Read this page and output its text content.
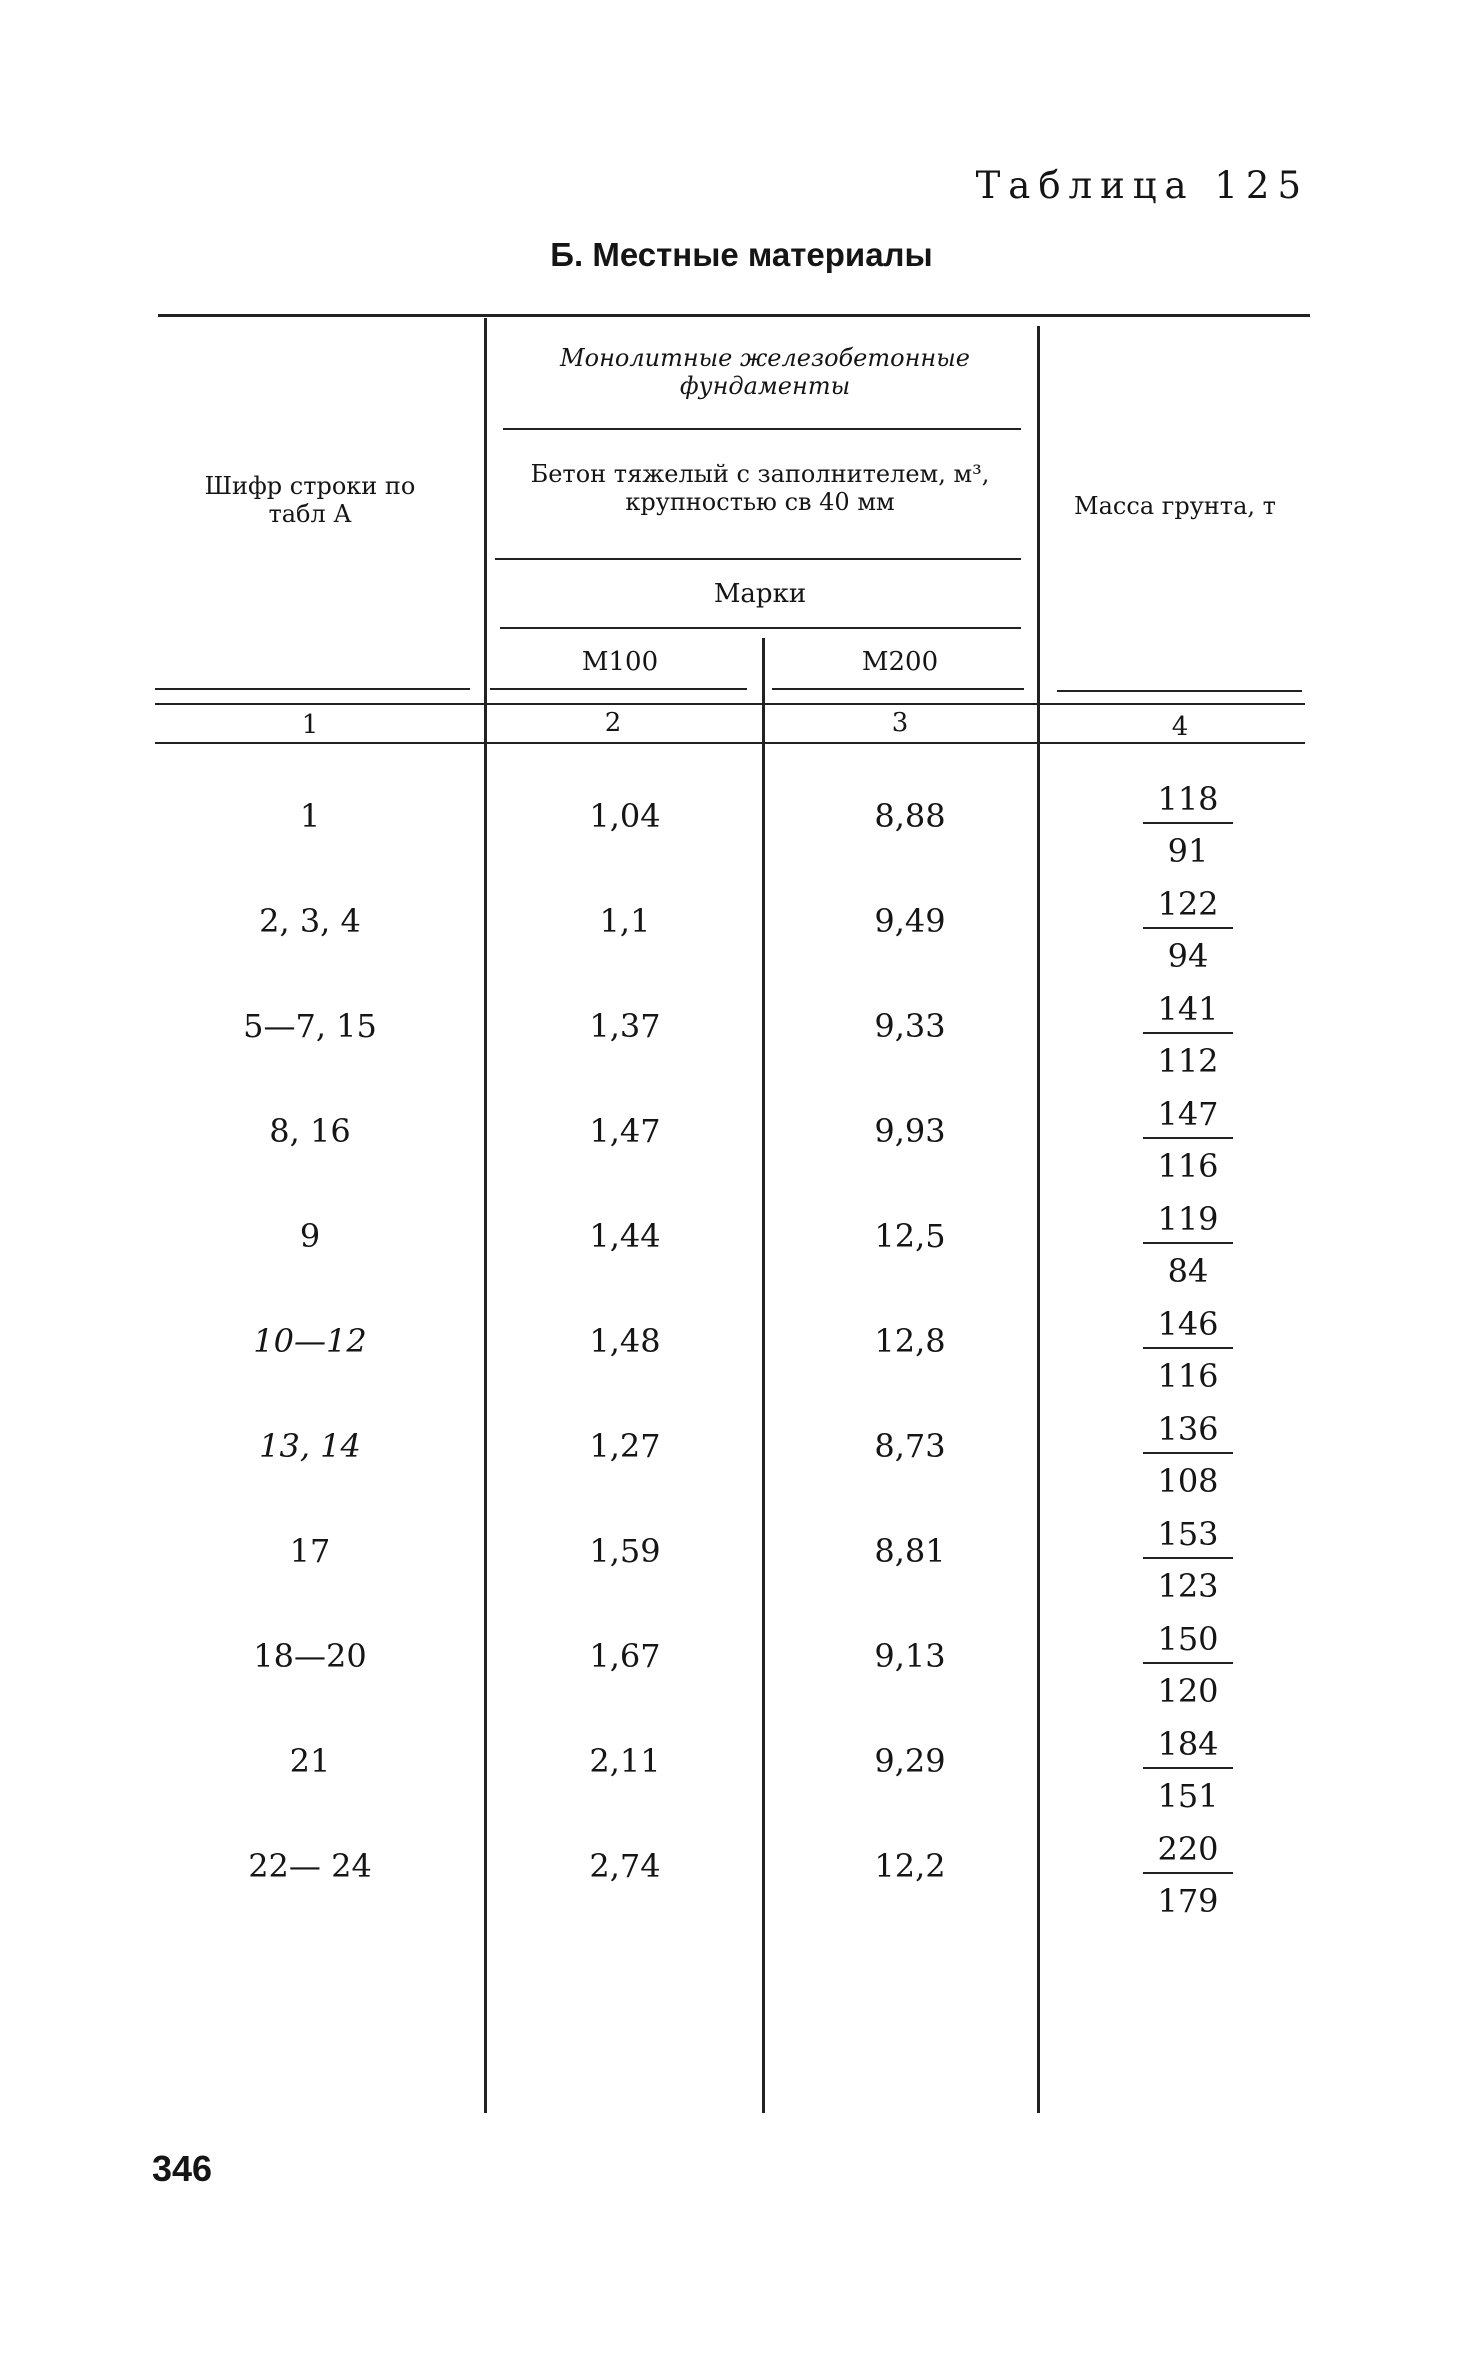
Таблица 125
Б. Местные материалы
Шифр строки по табл А
Монолитные железобетонные фундаменты
Бетон тяжелый с заполнителем, м³, крупностью св 40 мм
Марки
М100	М200
Масса грунта, т
1	2	3	4
1	1,04	8,88	118
91
2, 3, 4	1,1	9,49	122
94
5—7, 15	1,37	9,33	141
112
8, 16	1,47	9,93	147
116
9	1,44	12,5	119
84
10—12	1,48	12,8	146
116
13, 14	1,27	8,73	136
108
17	1,59	8,81	153
123
18—20	1,67	9,13	150
120
21	2,11	9,29	184
151
22— 24	2,74	12,2	220
179
346
